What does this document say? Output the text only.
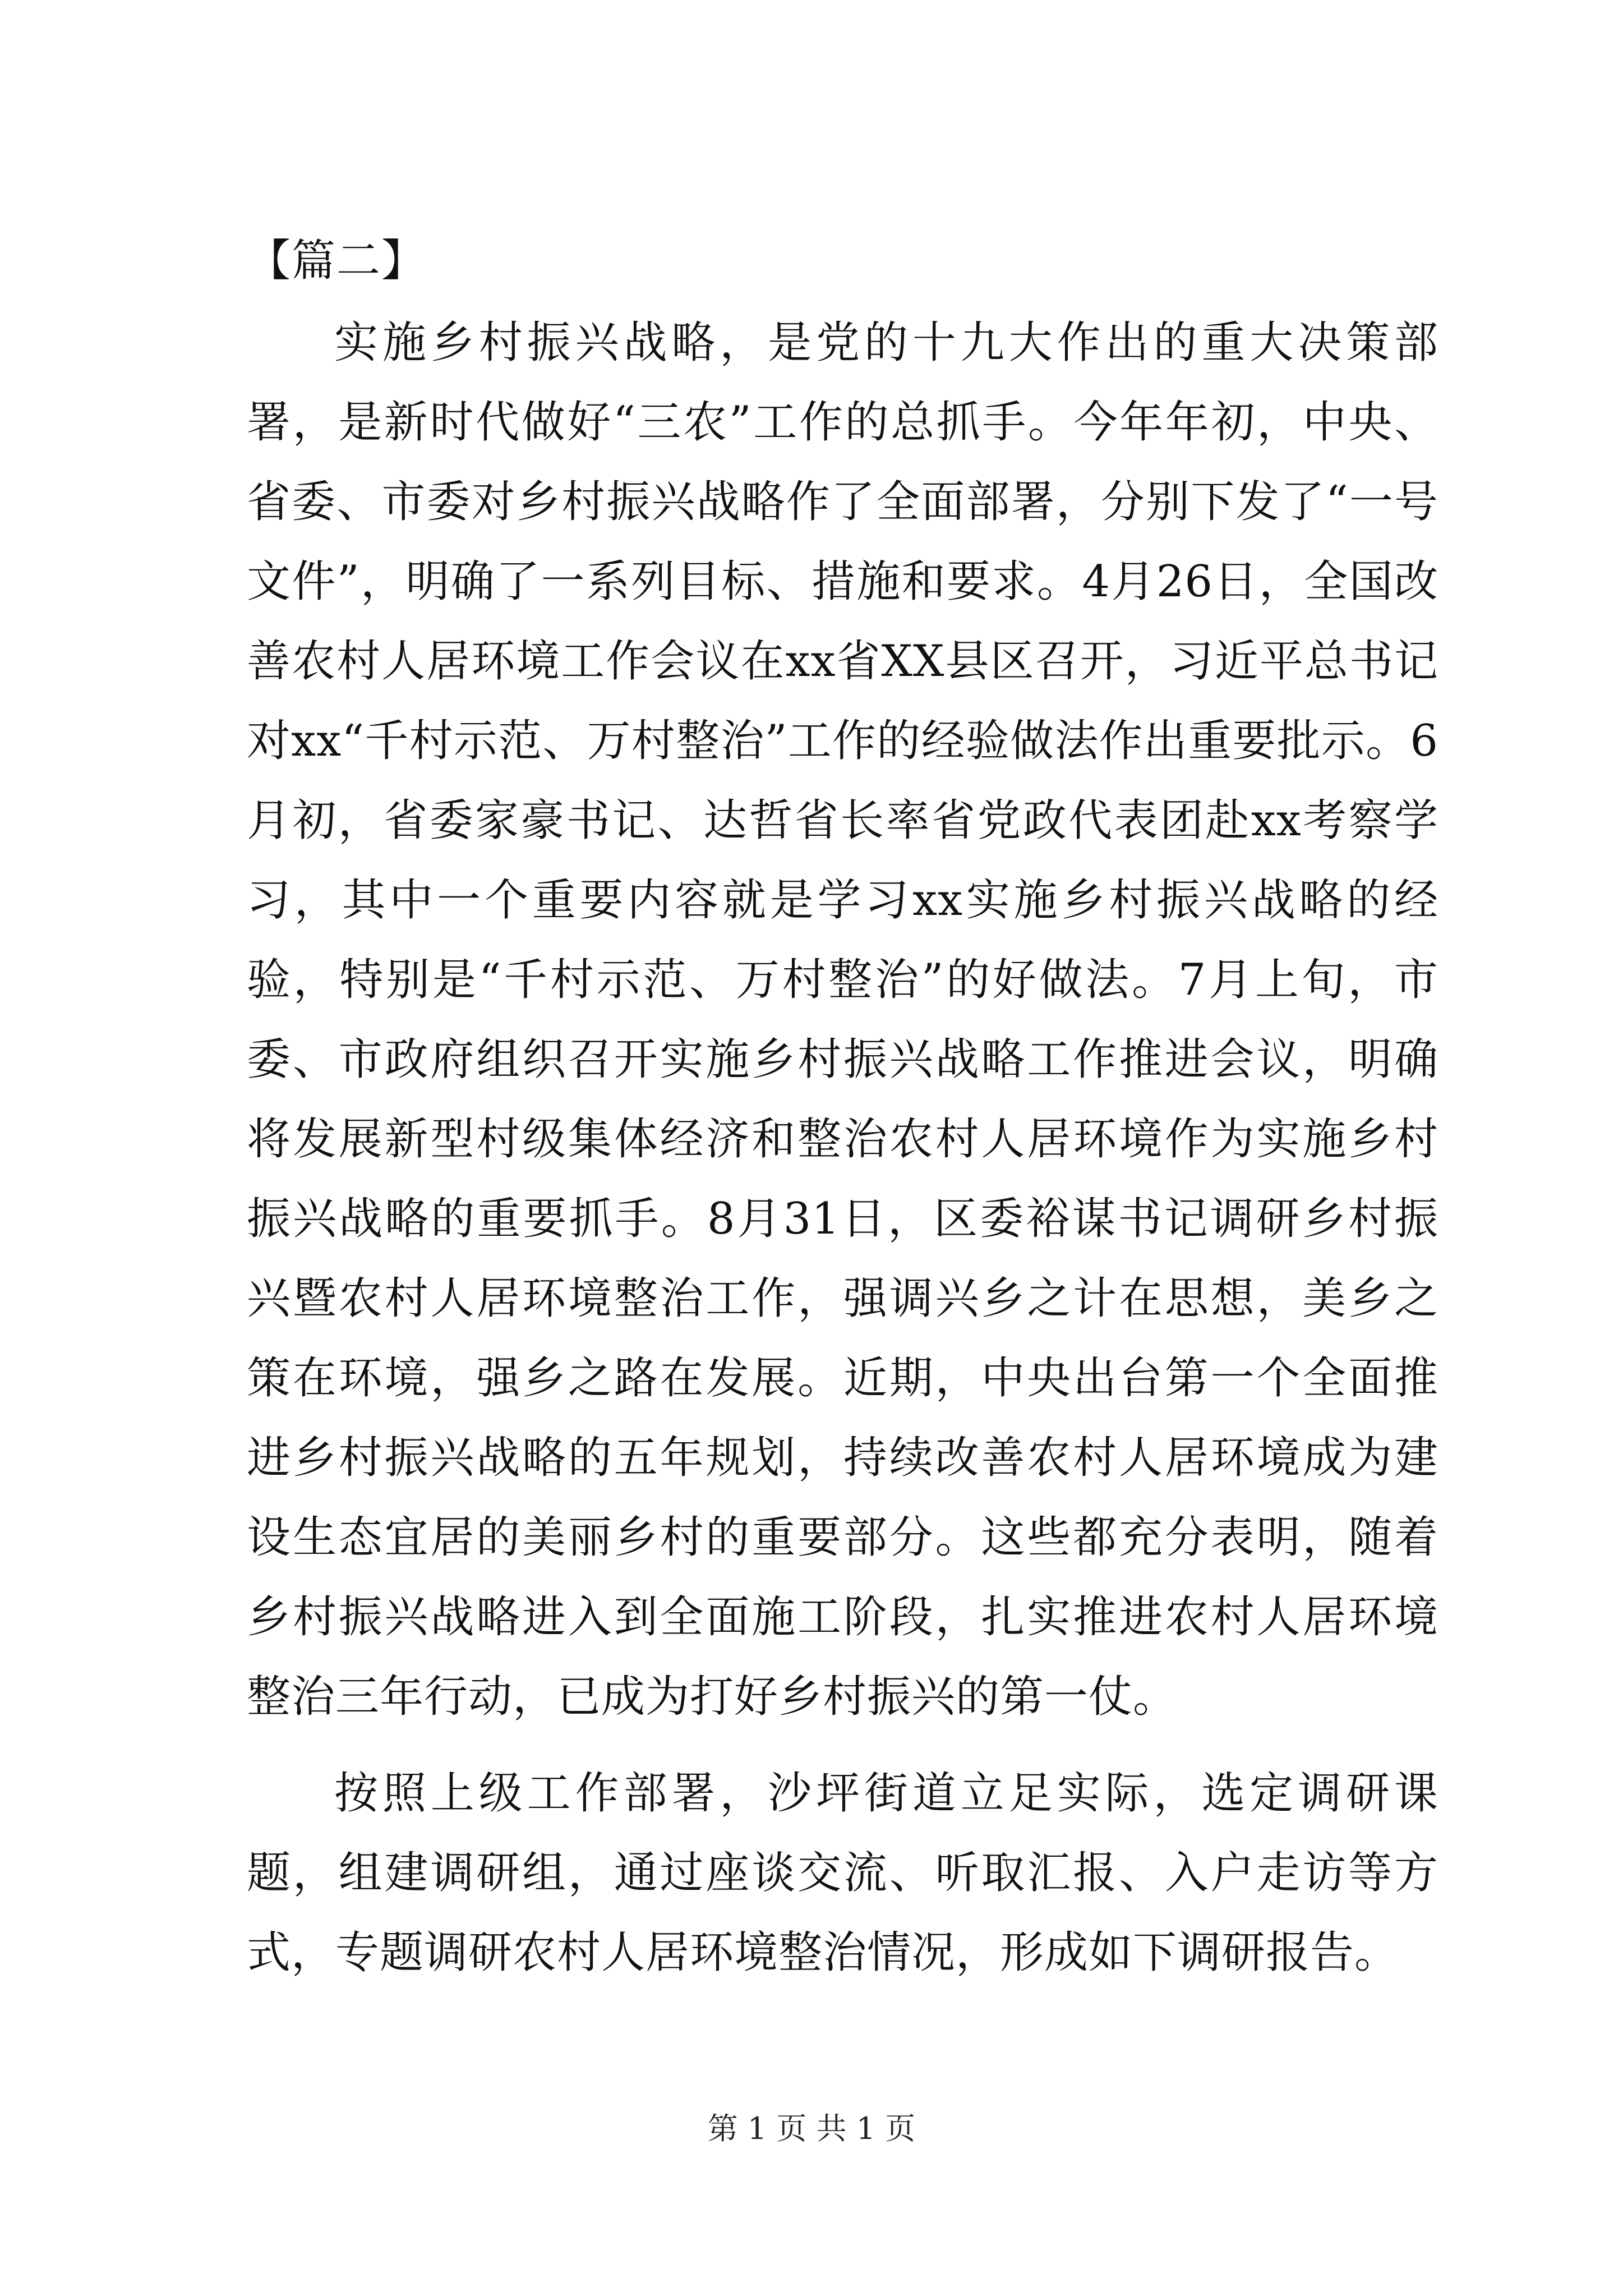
【篇二】

实施乡村振兴战略，是党的十九大作出的重大决策部署，是新时代做好“三农”工作的总抓手。今年年初，中央、省委、市委对乡村振兴战略作了全面部署，分别下发了“一号文件”，明确了一系列目标、措施和要求。4月26日，全国改善农村人居环境工作会议在xx省XX县区召开，习近平总书记对xx“千村示范、万村整治”工作的经验做法作出重要批示。6月初，省委家豪书记、达哲省长率省党政代表团赴xx考察学习，其中一个重要内容就是学习xx实施乡村振兴战略的经验，特别是“千村示范、万村整治”的好做法。7月上旬，市委、市政府组织召开实施乡村振兴战略工作推进会议，明确将发展新型村级集体经济和整治农村人居环境作为实施乡村振兴战略的重要抓手。8月31日，区委裕谋书记调研乡村振兴暨农村人居环境整治工作，强调兴乡之计在思想，美乡之策在环境，强乡之路在发展。近期，中央出台第一个全面推进乡村振兴战略的五年规划，持续改善农村人居环境成为建设生态宜居的美丽乡村的重要部分。这些都充分表明，随着乡村振兴战略进入到全面施工阶段，扎实推进农村人居环境整治三年行动，已成为打好乡村振兴的第一仗。

按照上级工作部署，沙坪街道立足实际，选定调研课题，组建调研组，通过座谈交流、听取汇报、入户走访等方式，专题调研农村人居环境整治情况，形成如下调研报告。

第 1 页 共 1 页
